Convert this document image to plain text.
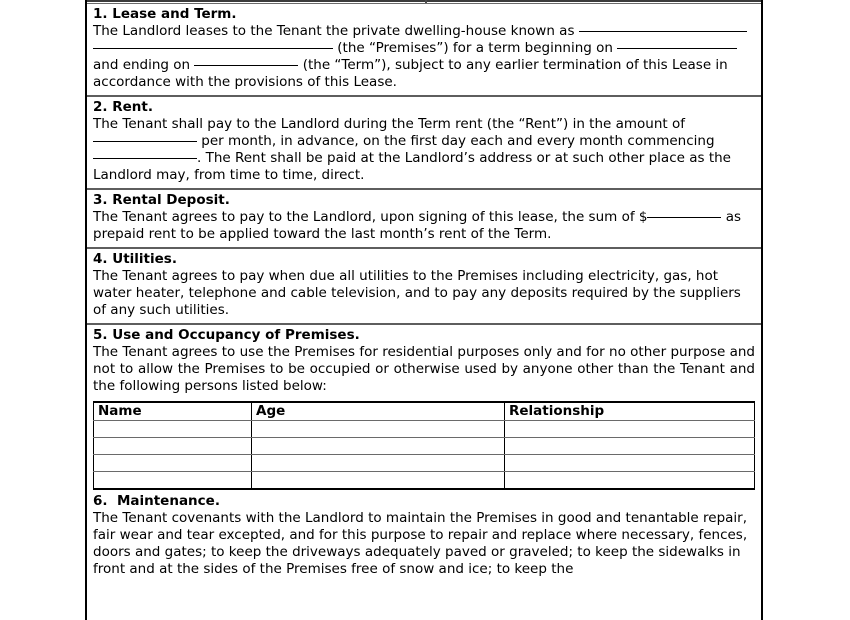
1. Lease and Term.
The Landlord leases to the Tenant the private dwelling-house known as  (the “Premises”) for a term beginning on  and ending on	(the “Term”), subject to any earlier termination of this Lease in accordance with the provisions of this Lease.
2. Rent.
The Tenant shall pay to the Landlord during the Term rent (the “Rent”) in the amount of  per month, in advance, on the first day each and every month commencing . The Rent shall be paid at the Landlord’s address or at such other place as the Landlord may, from time to time, direct.
3. Rental Deposit.
The Tenant agrees to pay to the Landlord, upon signing of this lease, the sum of $	as prepaid rent to be applied toward the last month’s rent of the Term.
4. Utilities.
The Tenant agrees to pay when due all utilities to the Premises including electricity, gas, hot water heater, telephone and cable television, and to pay any deposits required by the suppliers of any such utilities.
5. Use and Occupancy of Premises.
The Tenant agrees to use the Premises for residential purposes only and for no other purpose and not to allow the Premises to be occupied or otherwise used by anyone other than the Tenant and the following persons listed below:
Name	Age	Relationship

6. Maintenance.
The Tenant covenants with the Landlord to maintain the Premises in good and tenantable repair, fair wear and tear excepted, and for this purpose to repair and replace where necessary, fences, doors and gates; to keep the driveways adequately paved or graveled; to keep the sidewalks in front and at the sides of the Premises free of snow and ice; to keep the
